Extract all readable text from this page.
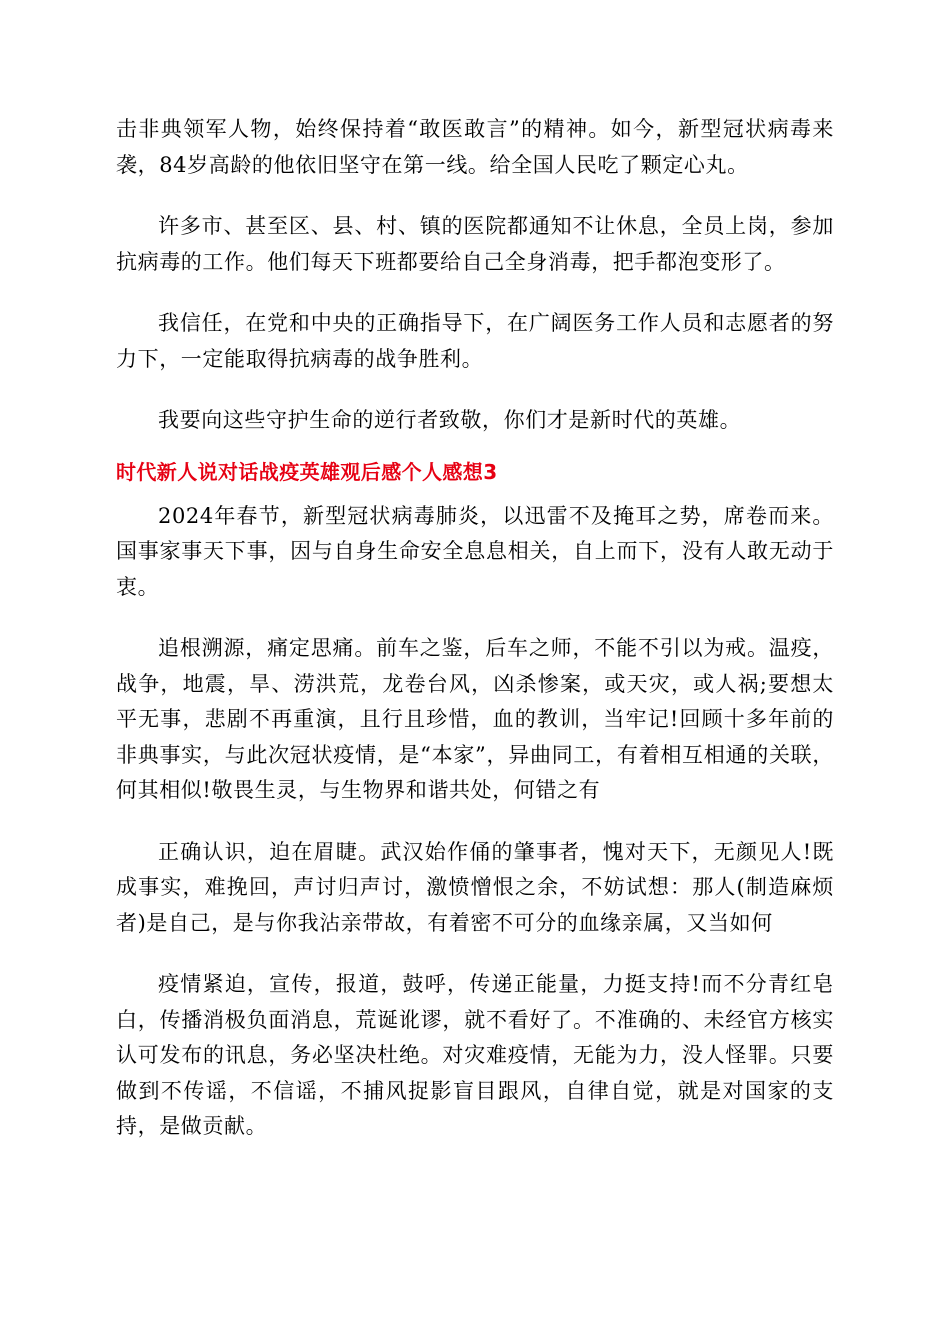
击非典领军人物，始终保持着“敢医敢言”的精神。如今，新型冠状病毒来袭，84岁高龄的他依旧坚守在第一线。给全国人民吃了颗定心丸。

许多市、甚至区、县、村、镇的医院都通知不让休息，全员上岗，参加抗病毒的工作。他们每天下班都要给自己全身消毒，把手都泡变形了。

我信任，在党和中央的正确指导下，在广阔医务工作人员和志愿者的努力下，一定能取得抗病毒的战争胜利。

我要向这些守护生命的逆行者致敬，你们才是新时代的英雄。

时代新人说对话战疫英雄观后感个人感想3

2024年春节，新型冠状病毒肺炎，以迅雷不及掩耳之势，席卷而来。国事家事天下事，因与自身生命安全息息相关，自上而下，没有人敢无动于衷。

追根溯源，痛定思痛。前车之鉴，后车之师，不能不引以为戒。温疫，战争，地震，旱、涝洪荒，龙卷台风，凶杀惨案，或天灾，或人祸;要想太平无事，悲剧不再重演，且行且珍惜，血的教训，当牢记!回顾十多年前的非典事实，与此次冠状疫情，是“本家”，异曲同工，有着相互相通的关联，何其相似!敬畏生灵，与生物界和谐共处，何错之有

正确认识，迫在眉睫。武汉始作俑的肇事者，愧对天下，无颜见人!既成事实，难挽回，声讨归声讨，激愤憎恨之余，不妨试想：那人(制造麻烦者)是自己，是与你我沾亲带故，有着密不可分的血缘亲属，又当如何

疫情紧迫，宣传，报道，鼓呼，传递正能量，力挺支持!而不分青红皂白，传播消极负面消息，荒诞讹谬，就不看好了。不准确的、未经官方核实认可发布的讯息，务必坚决杜绝。对灾难疫情，无能为力，没人怪罪。只要做到不传谣，不信谣，不捕风捉影盲目跟风，自律自觉，就是对国家的支持，是做贡献。
